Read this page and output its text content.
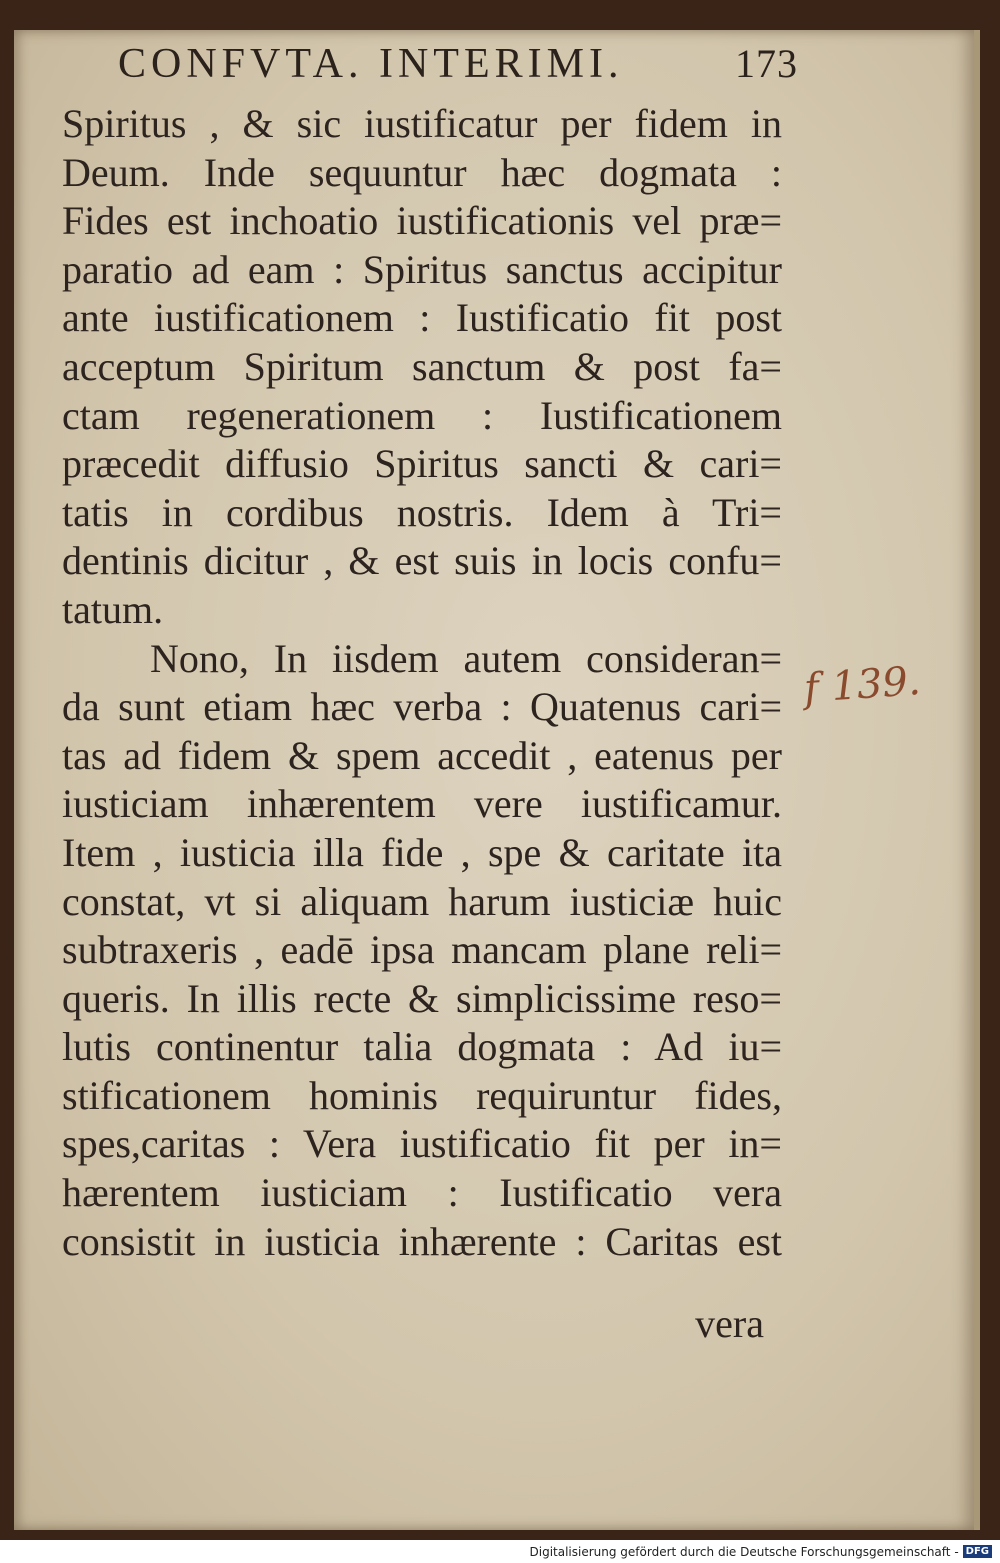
CONFVTA. INTERIMI.	173
Spiritus , & sic iustificatur per fidem in
Deum. Inde sequuntur hæc dogmata :
Fides est inchoatio iustificationis vel præ=
paratio ad eam : Spiritus sanctus accipitur
ante iustificationem : Iustificatio fit post
acceptum Spiritum sanctum & post fa=
ctam regenerationem : Iustificationem
præcedit diffusio Spiritus sancti & cari=
tatis in cordibus nostris. Idem à Tri=
dentinis dicitur , & est suis in locis confu=
tatum.
Nono, In iisdem autem consideran=
da sunt etiam hæc verba : Quatenus cari=
tas ad fidem & spem accedit , eatenus per
iusticiam inhærentem vere iustificamur.
Item , iusticia illa fide , spe & caritate ita
constat, vt si aliquam harum iusticiæ huic
subtraxeris , eadē ipsa mancam plane reli=
queris. In illis recte & simplicissime reso=
lutis continentur talia dogmata : Ad iu=
stificationem hominis requiruntur fides,
spes,caritas : Vera iustificatio fit per in=
hærentem iusticiam : Iustificatio vera
consistit in iusticia inhærente : Caritas est
vera
f 139.
Digitalisierung gefördert durch die Deutsche Forschungsgemeinschaft - DFG
